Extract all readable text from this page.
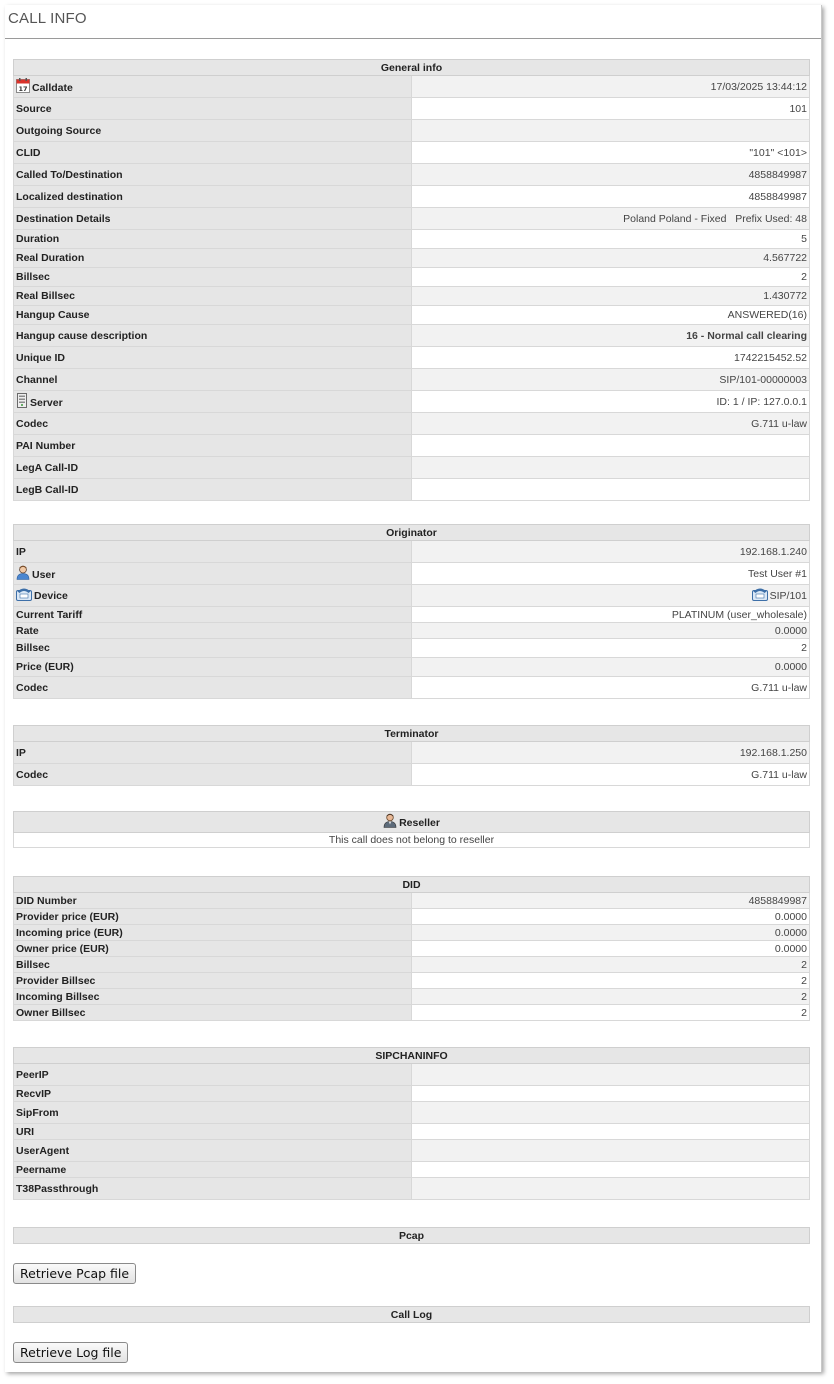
CALL INFO
General info	

17 Calldate	17/03/2025 13:44:12
Source	101
Outgoing Source	
CLID	"101" <101>
Called To/Destination	4858849987
Localized destination	4858849987
Destination Details	Poland Poland - Fixed   Prefix Used: 48
Duration	5
Real Duration	4.567722
Billsec	2
Real Billsec	1.430772
Hangup Cause	ANSWERED(16)
Hangup cause description	16 - Normal call clearing
Unique ID	1742215452.52
Channel	SIP/101-00000003
Server	ID: 1 / IP: 127.0.0.1
Codec	G.711 u-law
PAI Number	
LegA Call-ID	
LegB Call-ID	
Originator	
IP	192.168.1.240
User	Test User #1
Device	SIP/101
Current Tariff	PLATINUM (user_wholesale)
Rate	0.0000
Billsec	2
Price (EUR)	0.0000
Codec	G.711 u-law
Terminator	
IP	192.168.1.250
Codec	G.711 u-law
Reseller
This call does not belong to reseller
DID	
DID Number	4858849987
Provider price (EUR)	0.0000
Incoming price (EUR)	0.0000
Owner price (EUR)	0.0000
Billsec	2
Provider Billsec	2
Incoming Billsec	2
Owner Billsec	2
SIPCHANINFO	
PeerIP	
RecvIP	
SipFrom	
URI	
UserAgent	
Peername	
T38Passthrough	
Pcap
Retrieve Pcap file
Call Log
Retrieve Log file
